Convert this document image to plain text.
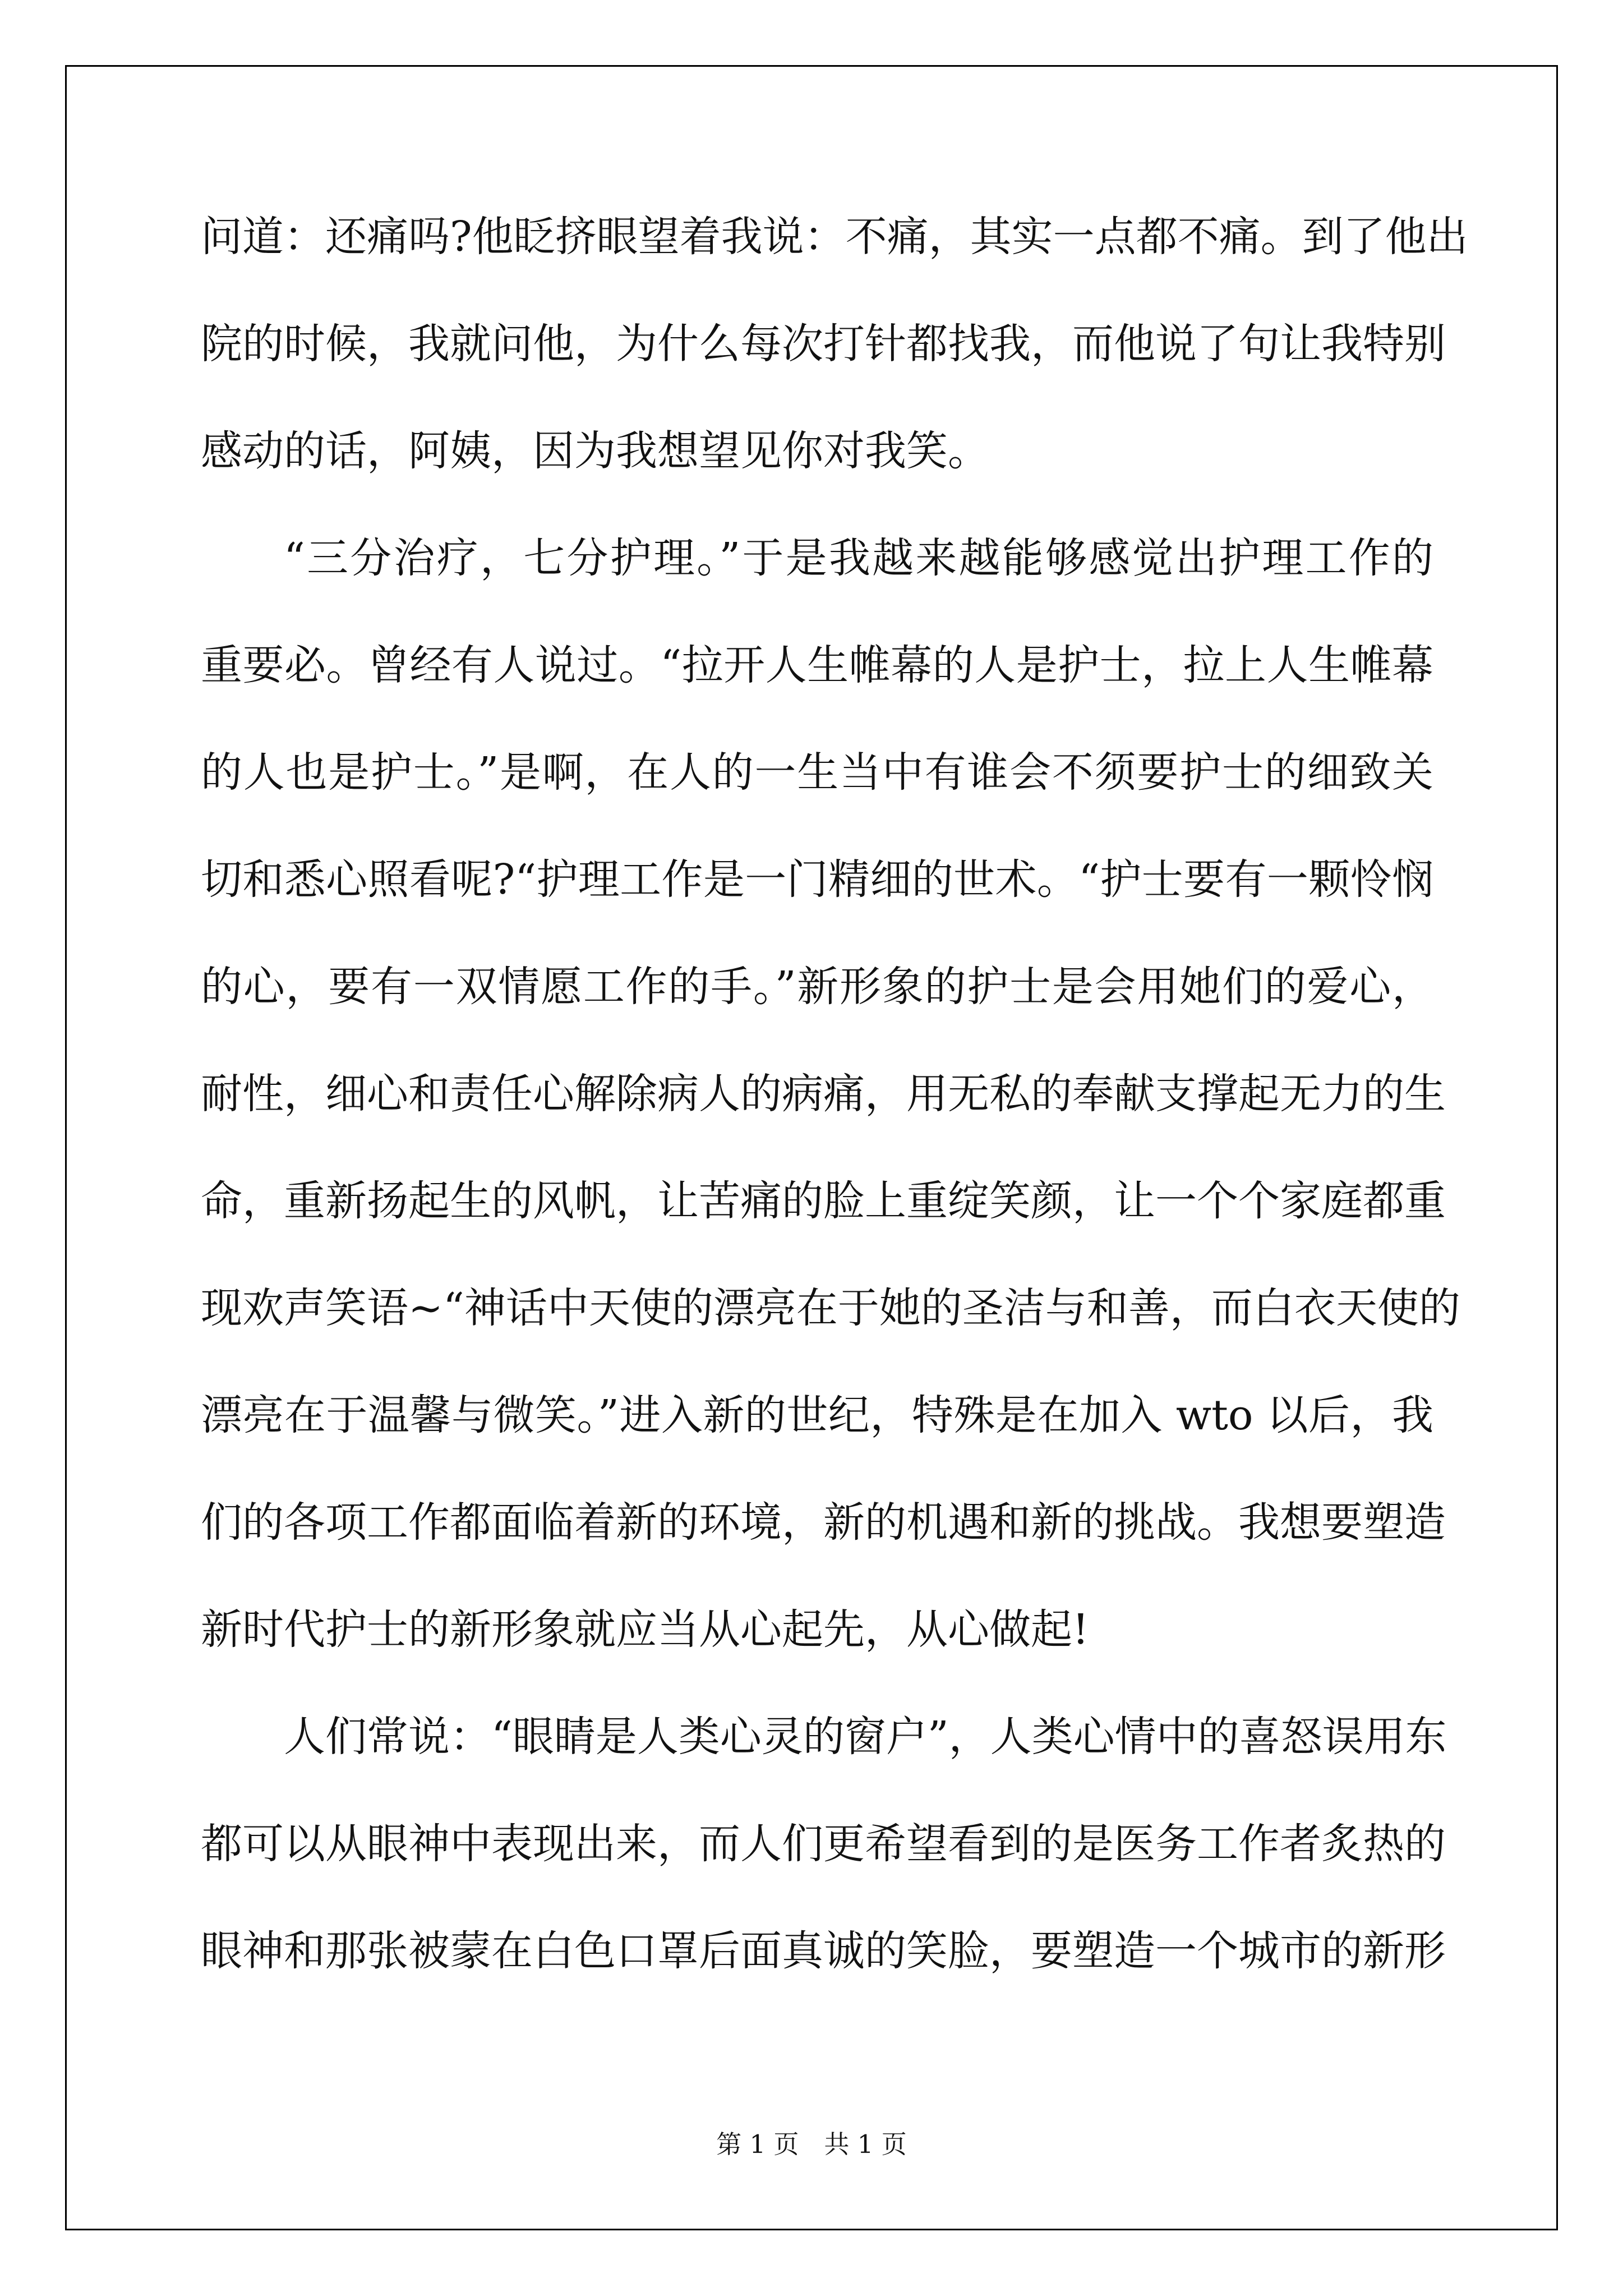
问道：还痛吗?他眨挤眼望着我说：不痛，其实一点都不痛。到了他出
院的时候，我就问他，为什么每次打针都找我，而他说了句让我特别
感动的话，阿姨，因为我想望见你对我笑。
“三分治疗，七分护理。”于是我越来越能够感觉出护理工作的
重要必。曾经有人说过。“拉开人生帷幕的人是护士，拉上人生帷幕
的人也是护士。”是啊，在人的一生当中有谁会不须要护士的细致关
切和悉心照看呢?“护理工作是一门精细的世术。“护士要有一颗怜悯
的心，要有一双情愿工作的手。”新形象的护士是会用她们的爱心，
耐性，细心和责任心解除病人的病痛，用无私的奉献支撑起无力的生
命，重新扬起生的风帆，让苦痛的脸上重绽笑颜，让一个个家庭都重
现欢声笑语~“神话中天使的漂亮在于她的圣洁与和善，而白衣天使的
漂亮在于温馨与微笑。”进入新的世纪，特殊是在加入 wto 以后，我
们的各项工作都面临着新的环境，新的机遇和新的挑战。我想要塑造
新时代护士的新形象就应当从心起先，从心做起!
人们常说：“眼睛是人类心灵的窗户”，人类心情中的喜怒误用东
都可以从眼神中表现出来，而人们更希望看到的是医务工作者炙热的
眼神和那张被蒙在白色口罩后面真诚的笑脸，要塑造一个城市的新形
第 1 页　共 1 页
